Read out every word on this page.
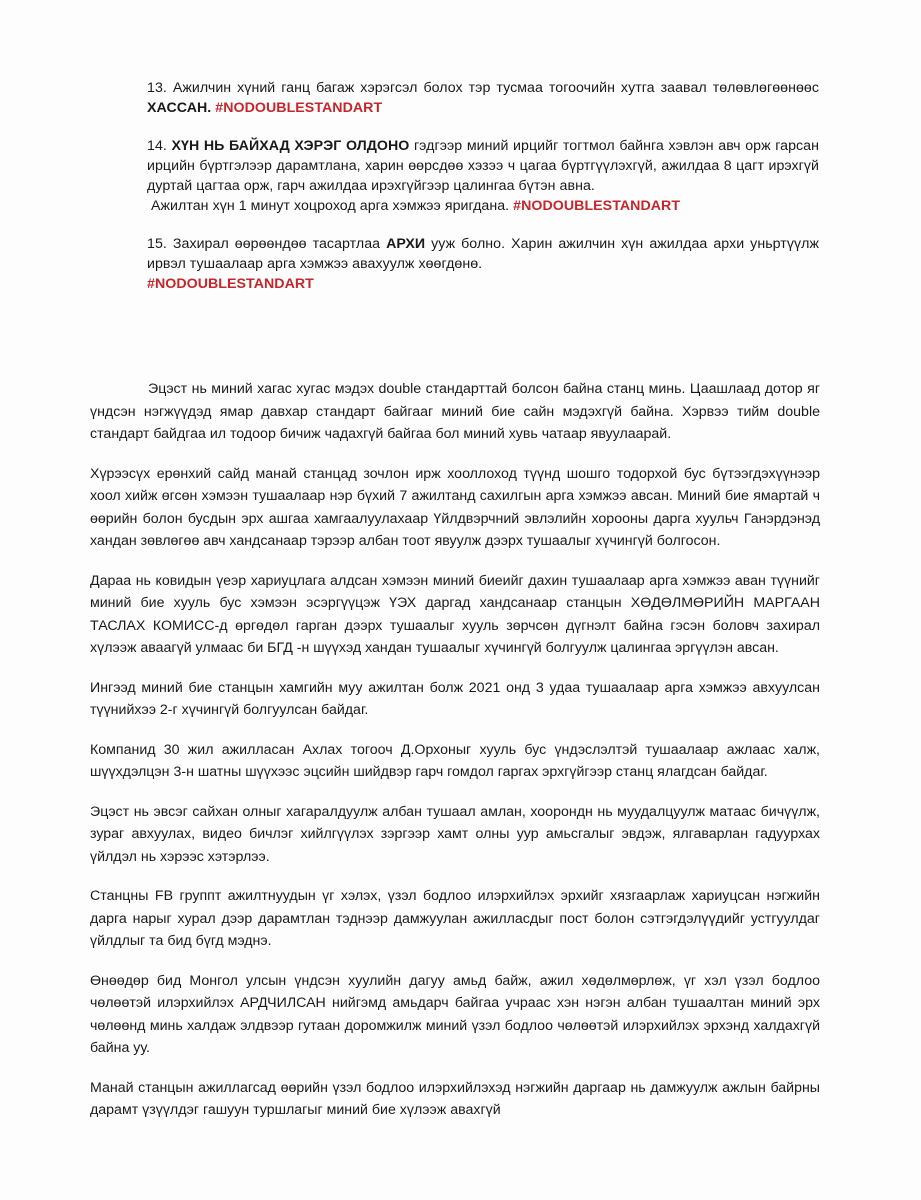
13. Ажилчин хүний ганц багаж хэрэгсэл болох тэр тусмаа тогоочийн хутга заавал төлөвлөгөөнөөс ХАССАН. #NODOUBLESTANDART

14. ХҮН НЬ БАЙХАД ХЭРЭГ ОЛДОНО гэдгээр миний ирцийг тогтмол байнга хэвлэн авч орж гарсан ирцийн бүртгэлээр дарамтлана, харин өөрсдөө хэзээ ч цагаа бүртгүүлэхгүй, ажилдаа 8 цагт ирэхгүй дуртай цагтаа орж, гарч ажилдаа ирэхгүйгээр цалингаа бүтэн авна.

Ажилтан хүн 1 минут хоцроход арга хэмжээ яригдана. #NODOUBLESTANDART

15. Захирал өөрөөндөө тасартлаа АРХИ ууж болно. Харин ажилчин хүн ажилдаа архи уньртүүлж ирвэл тушаалаар арга хэмжээ авахуулж хөөгдөнө.
#NODOUBLESTANDART

Эцэст нь миний хагас хугас мэдэх double стандарттай болсон байна станц минь. Цаашлаад дотор яг үндсэн нэгжүүдэд ямар давхар стандарт байгааг миний бие сайн мэдэхгүй байна. Хэрвээ тийм double стандарт байдгаа ил тодоор бичиж чадахгүй байгаа бол миний хувь чатаар явуулаарай.

Хүрээсүх ерөнхий сайд манай станцад зочлон ирж хооллоход түүнд шошго тодорхой бус бүтээгдэхүүнээр хоол хийж өгсөн хэмээн тушаалаар нэр бүхий 7 ажилтанд сахилгын арга хэмжээ авсан. Миний бие ямартай ч өөрийн болон бусдын эрх ашгаа хамгаалуулахаар Үйлдвэрчний эвлэлийн хорооны дарга хуульч Ганэрдэнэд хандан зөвлөгөө авч хандсанаар тэрээр албан тоот явуулж дээрх тушаалыг хүчингүй болгосон.

Дараа нь ковидын үеэр хариуцлага алдсан хэмээн миний биеийг дахин тушаалаар арга хэмжээ аван түүнийг миний бие хууль бус хэмээн эсэргүүцэж ҮЭХ даргад хандсанаар станцын ХӨДӨЛМӨРИЙН МАРГААН ТАСЛАХ КОМИСС-д өргөдөл гарган дээрх тушаалыг хууль зөрчсөн дүгнэлт байна гэсэн боловч захирал хүлээж аваагүй улмаас би БГД -н шүүхэд хандан тушаалыг хүчингүй болгуулж цалингаа эргүүлэн авсан.

Ингээд миний бие станцын хамгийн муу ажилтан болж 2021 онд 3 удаа тушаалаар арга хэмжээ авхуулсан түүнийхээ 2-г хүчингүй болгуулсан байдаг.

Компанид 30 жил ажилласан Ахлах тогооч Д.Орхоныг хууль бус үндэслэлтэй тушаалаар ажлаас халж, шүүхдэлцэн 3-н шатны шүүхээс эцсийн шийдвэр гарч гомдол гаргах эрхгүйгээр станц ялагдсан байдаг.

Эцэст нь эвсэг сайхан олныг хагаралдуулж албан тушаал амлан, хоорондн нь муудалцуулж матаас бичүүлж, зураг авхуулах, видео бичлэг хийлгүүлэх зэргээр хамт олны уур амьсгалыг эвдэж, ялгаварлан гадуурхах үйлдэл нь хэрээс хэтэрлээ.

Станцны FB группт ажилтнуудын үг хэлэх, үзэл бодлоо илэрхийлэх эрхийг хязгаарлаж хариуцсан нэгжийн дарга нарыг хурал дээр дарамтлан тэднээр дамжуулан ажилласдыг пост болон сэтгэгдэлүүдийг устгуулдаг үйлдлыг та бид бүгд мэднэ.

Өнөөдөр бид Монгол улсын үндсэн хуулийн дагуу амьд байж, ажил хөдөлмөрлөж, үг хэл үзэл бодлоо чөлөөтэй илэрхийлэх АРДЧИЛСАН нийгэмд амьдарч байгаа учраас хэн нэгэн албан тушаалтан миний эрх чөлөөнд минь халдаж элдвээр гутаан доромжилж миний үзэл бодлоо чөлөөтэй илэрхийлэх эрхэнд халдахгүй байна уу.

Манай станцын ажиллагсад өөрийн үзэл бодлоо илэрхийлэхэд нэгжийн даргаар нь дамжуулж ажлын байрны дарамт үзүүлдэг гашуун туршлагыг миний бие хүлээж авахгүй
